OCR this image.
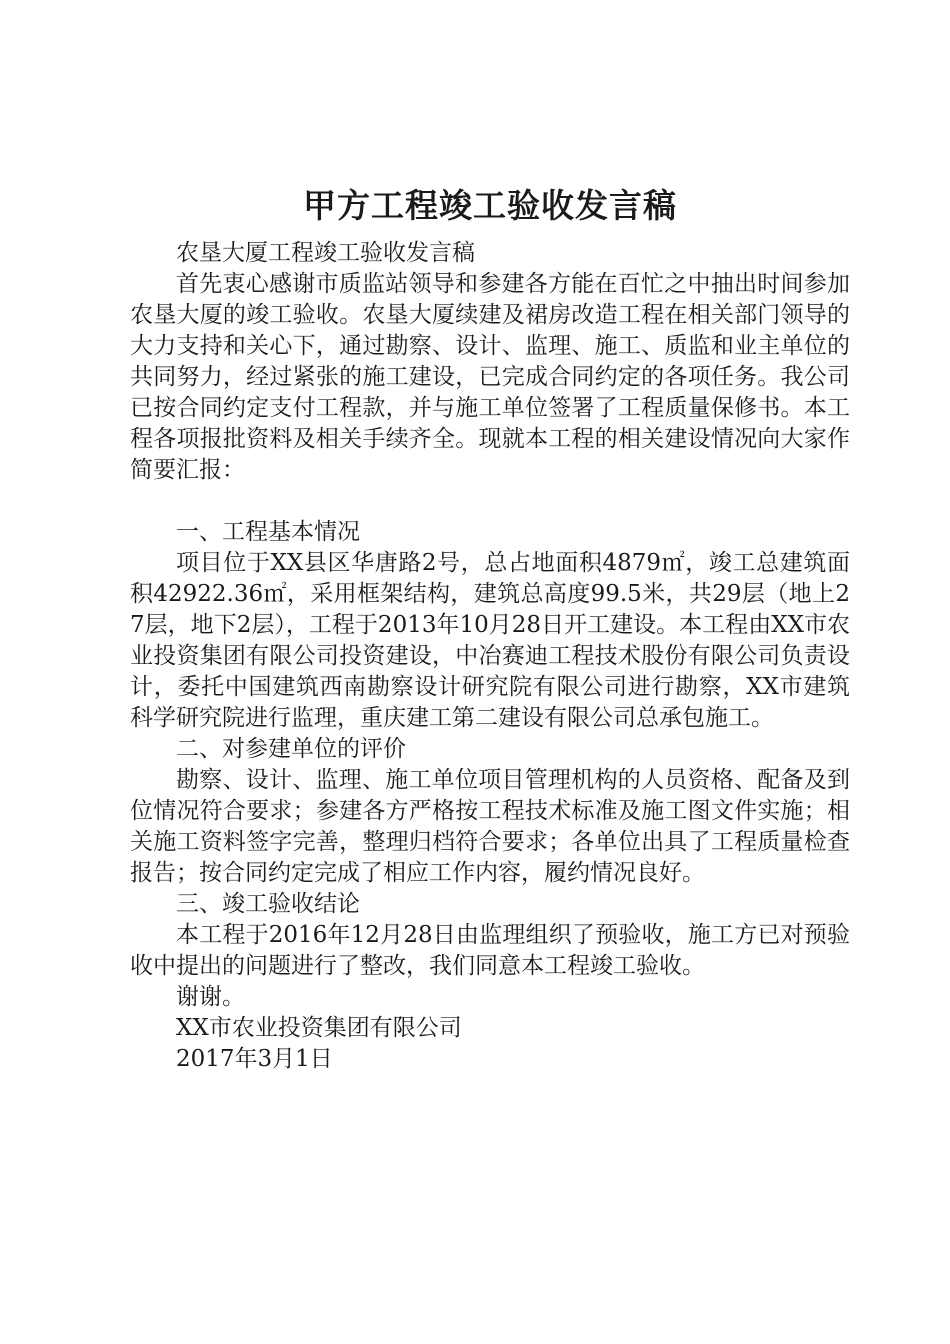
甲方工程竣工验收发言稿

农垦大厦工程竣工验收发言稿

首先衷心感谢市质监站领导和参建各方能在百忙之中抽出时间参加农垦大厦的竣工验收。农垦大厦续建及裙房改造工程在相关部门领导的大力支持和关心下，通过勘察、设计、监理、施工、质监和业主单位的共同努力，经过紧张的施工建设，已完成合同约定的各项任务。我公司已按合同约定支付工程款，并与施工单位签署了工程质量保修书。本工程各项报批资料及相关手续齐全。现就本工程的相关建设情况向大家作简要汇报：

一、工程基本情况

项目位于XX县区华唐路2号，总占地面积4879㎡，竣工总建筑面积42922.36㎡，采用框架结构，建筑总高度99.5米，共29层（地上27层，地下2层），工程于2013年10月28日开工建设。本工程由XX市农业投资集团有限公司投资建设，中冶赛迪工程技术股份有限公司负责设计，委托中国建筑西南勘察设计研究院有限公司进行勘察，XX市建筑科学研究院进行监理，重庆建工第二建设有限公司总承包施工。

二、对参建单位的评价

勘察、设计、监理、施工单位项目管理机构的人员资格、配备及到位情况符合要求；参建各方严格按工程技术标准及施工图文件实施；相关施工资料签字完善，整理归档符合要求；各单位出具了工程质量检查报告；按合同约定完成了相应工作内容，履约情况良好。

三、竣工验收结论

本工程于2016年12月28日由监理组织了预验收，施工方已对预验收中提出的问题进行了整改，我们同意本工程竣工验收。

谢谢。

XX市农业投资集团有限公司

2017年3月1日
